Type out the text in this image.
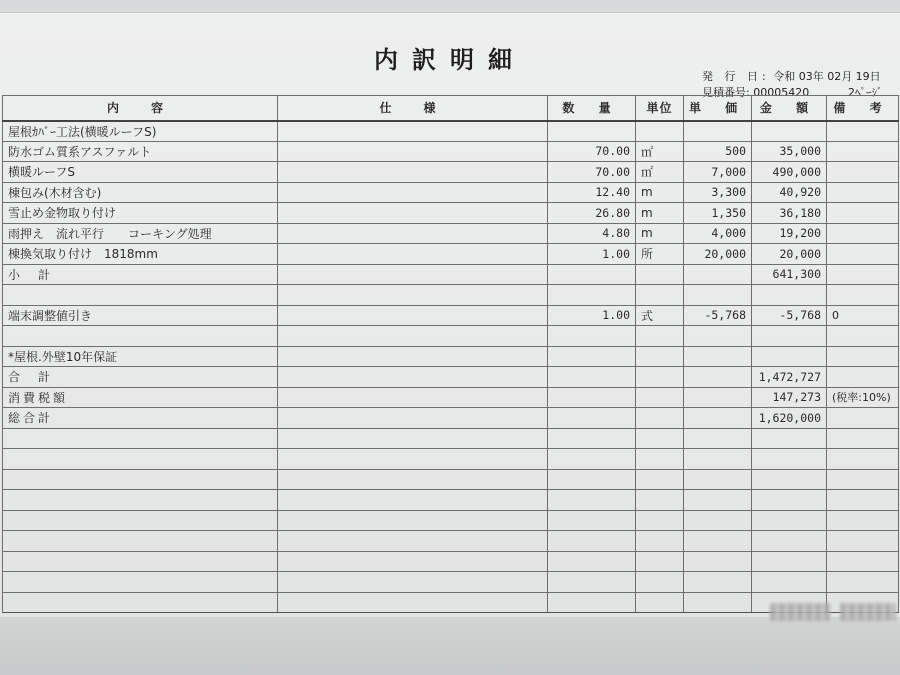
内訳明細
発 行 日: 令和 03年 02月 19日
見積番号: 00005420	2ﾍﾟｰｼﾞ
内　容	仕　様	数 量	単位	単 価	金 額	備 考
屋根ｶﾊﾞｰ工法(横暖ルーフS)						
防水ゴム質系アスファルト		70.00	㎡	500	35,000	
横暖ルーフS		70.00	㎡	7,000	490,000	
棟包み(木材含む)		12.40	m	3,300	40,920	
雪止め金物取り付け		26.80	m	1,350	36,180	
雨押え　流れ平行　　コーキング処理		4.80	m	4,000	19,200	
棟換気取り付け　1818mm		1.00	所	20,000	20,000	
小計					641,300	

端末調整値引き		1.00	式	-5,768	-5,768	0

*屋根.外壁10年保証						
合計					1,472,727	
消費税額					147,273	(税率:10%)
総合計					1,620,000	
